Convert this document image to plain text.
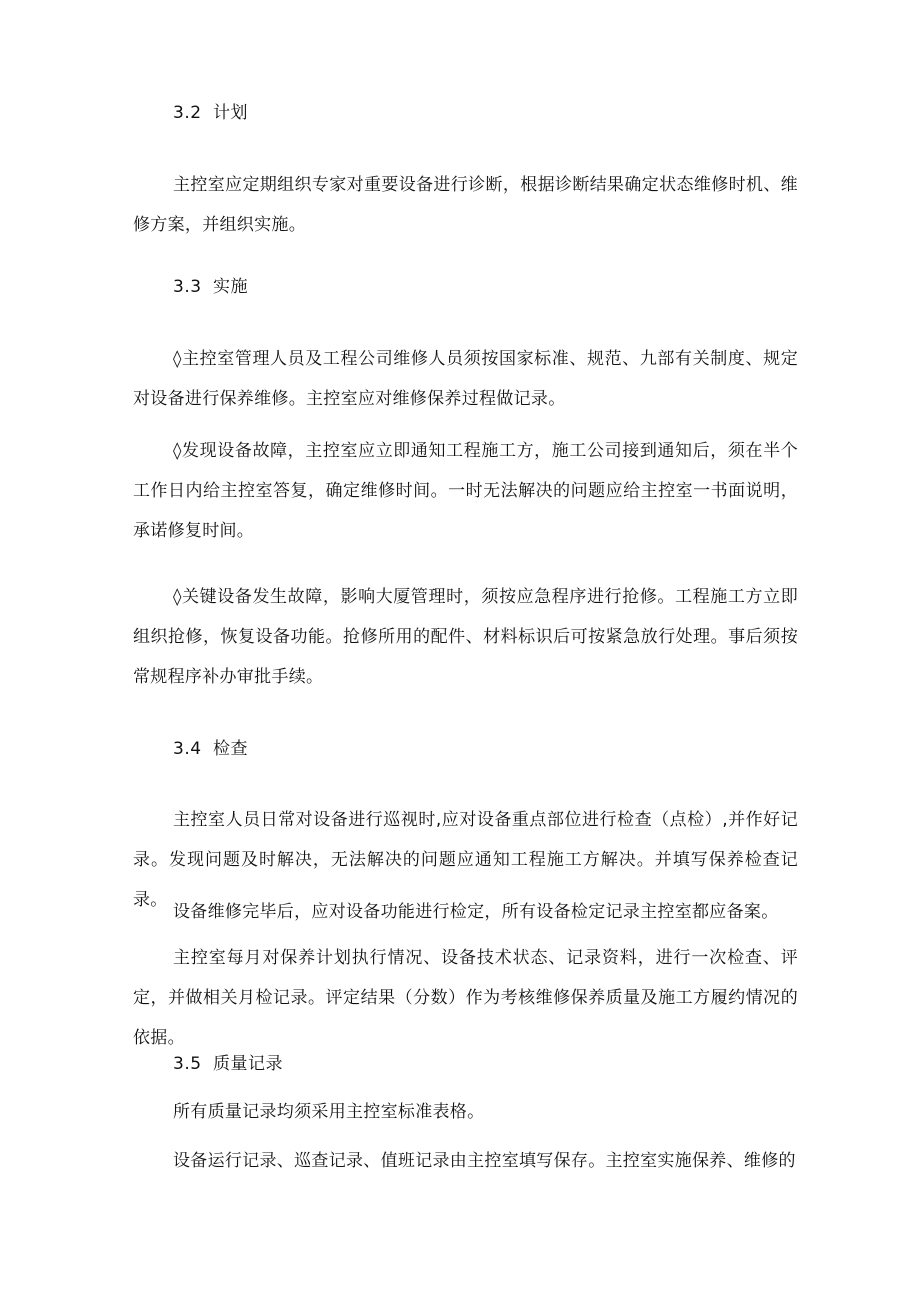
3.2 计划
主控室应定期组织专家对重要设备进行诊断，根据诊断结果确定状态维修时机、维修方案，并组织实施。
3.3 实施
◊主控室管理人员及工程公司维修人员须按国家标准、规范、九部有关制度、规定对设备进行保养维修。主控室应对维修保养过程做记录。
◊发现设备故障，主控室应立即通知工程施工方，施工公司接到通知后，须在半个工作日内给主控室答复，确定维修时间。一时无法解决的问题应给主控室一书面说明，承诺修复时间。
◊关键设备发生故障，影响大厦管理时，须按应急程序进行抢修。工程施工方立即组织抢修，恢复设备功能。抢修所用的配件、材料标识后可按紧急放行处理。事后须按常规程序补办审批手续。
3.4 检查
主控室人员日常对设备进行巡视时,应对设备重点部位进行检查（点检）,并作好记录。发现问题及时解决，无法解决的问题应通知工程施工方解决。并填写保养检查记录。
设备维修完毕后，应对设备功能进行检定，所有设备检定记录主控室都应备案。
主控室每月对保养计划执行情况、设备技术状态、记录资料，进行一次检查、评定，并做相关月检记录。评定结果（分数）作为考核维修保养质量及施工方履约情况的依据。
3.5 质量记录
所有质量记录均须采用主控室标准表格。
设备运行记录、巡查记录、值班记录由主控室填写保存。主控室实施保养、维修的
